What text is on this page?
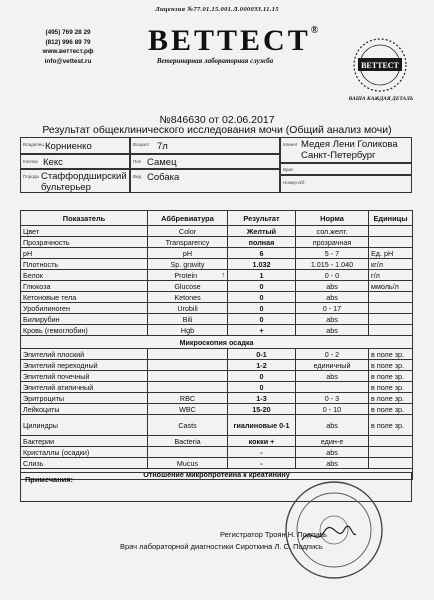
Лицензия №77.01.15.001.Л.000033.11.15
(495) 769 28 29
(812) 996 89 79
www.веттест.рф
info@vettest.ru
ВЕТТЕСТ®
Ветеринарная лабораторная служба	ВЕТТЕСТ
ВАША КАЖДАЯ ДЕТАЛЬ
№846630 от 02.06.2017
Результат общеклинического исследования мочи (Общий анализ мочи)
Владелец Корниенко	Возраст 7л	Клиент Медея Лени Голикова Санкт-Петербург
Кличка Кекс	Пол Самец
Врач
Порода Стаффордширский бультерьер
Вид Собака	Номер и/б
Показатель	Аббревиатура	Результат	Норма	Единицы
Цвет	Color	Желтый	сол.желт.	
Прозрачность	Transparency	полная	прозрачная	
pH	pH	6	5 - 7	Ед. pH
Плотность	Sp. gravity	1.032	1.015 - 1.040	кг/л
Белок	Protein ↑	1	0 - 0	г/л
Глюкоза	Glucose	0	abs	ммоль/л
Кетоновые тела	Ketones	0	abs	
Уробилиноген	Urobili	0	0 - 17	
Билирубин	Bili	0	abs	
Кровь (гемоглобин)	Hgb	+	abs	
Микроскопия осадка				
Эпителий плоский		0-1	0 - 2	в поле зр.
Эпителий переходный		1-2	единичный	в поле зр.
Эпителий почечный		0	abs	в поле зр.
Эпителий атипичный		0		в поле зр.
Эритроциты	RBC	1-3	0 - 3	в поле зр.
Лейкоциты	WBC	15-20	0 - 10	в поле зр.
Цилиндры	Casts	гиалиновые 0-1	abs	в поле зр.
Бактерии	Bacteria	кокки +	един-е	
Кристаллы (осадки)		-	abs	
Слизь	Mucus	-	abs	
Отношение микропротеина к креатинину				
Примечания:
Регистратор Троян Н. Подпись
Врач лабораторной диагностики Сироткина Л. С. Подпись
